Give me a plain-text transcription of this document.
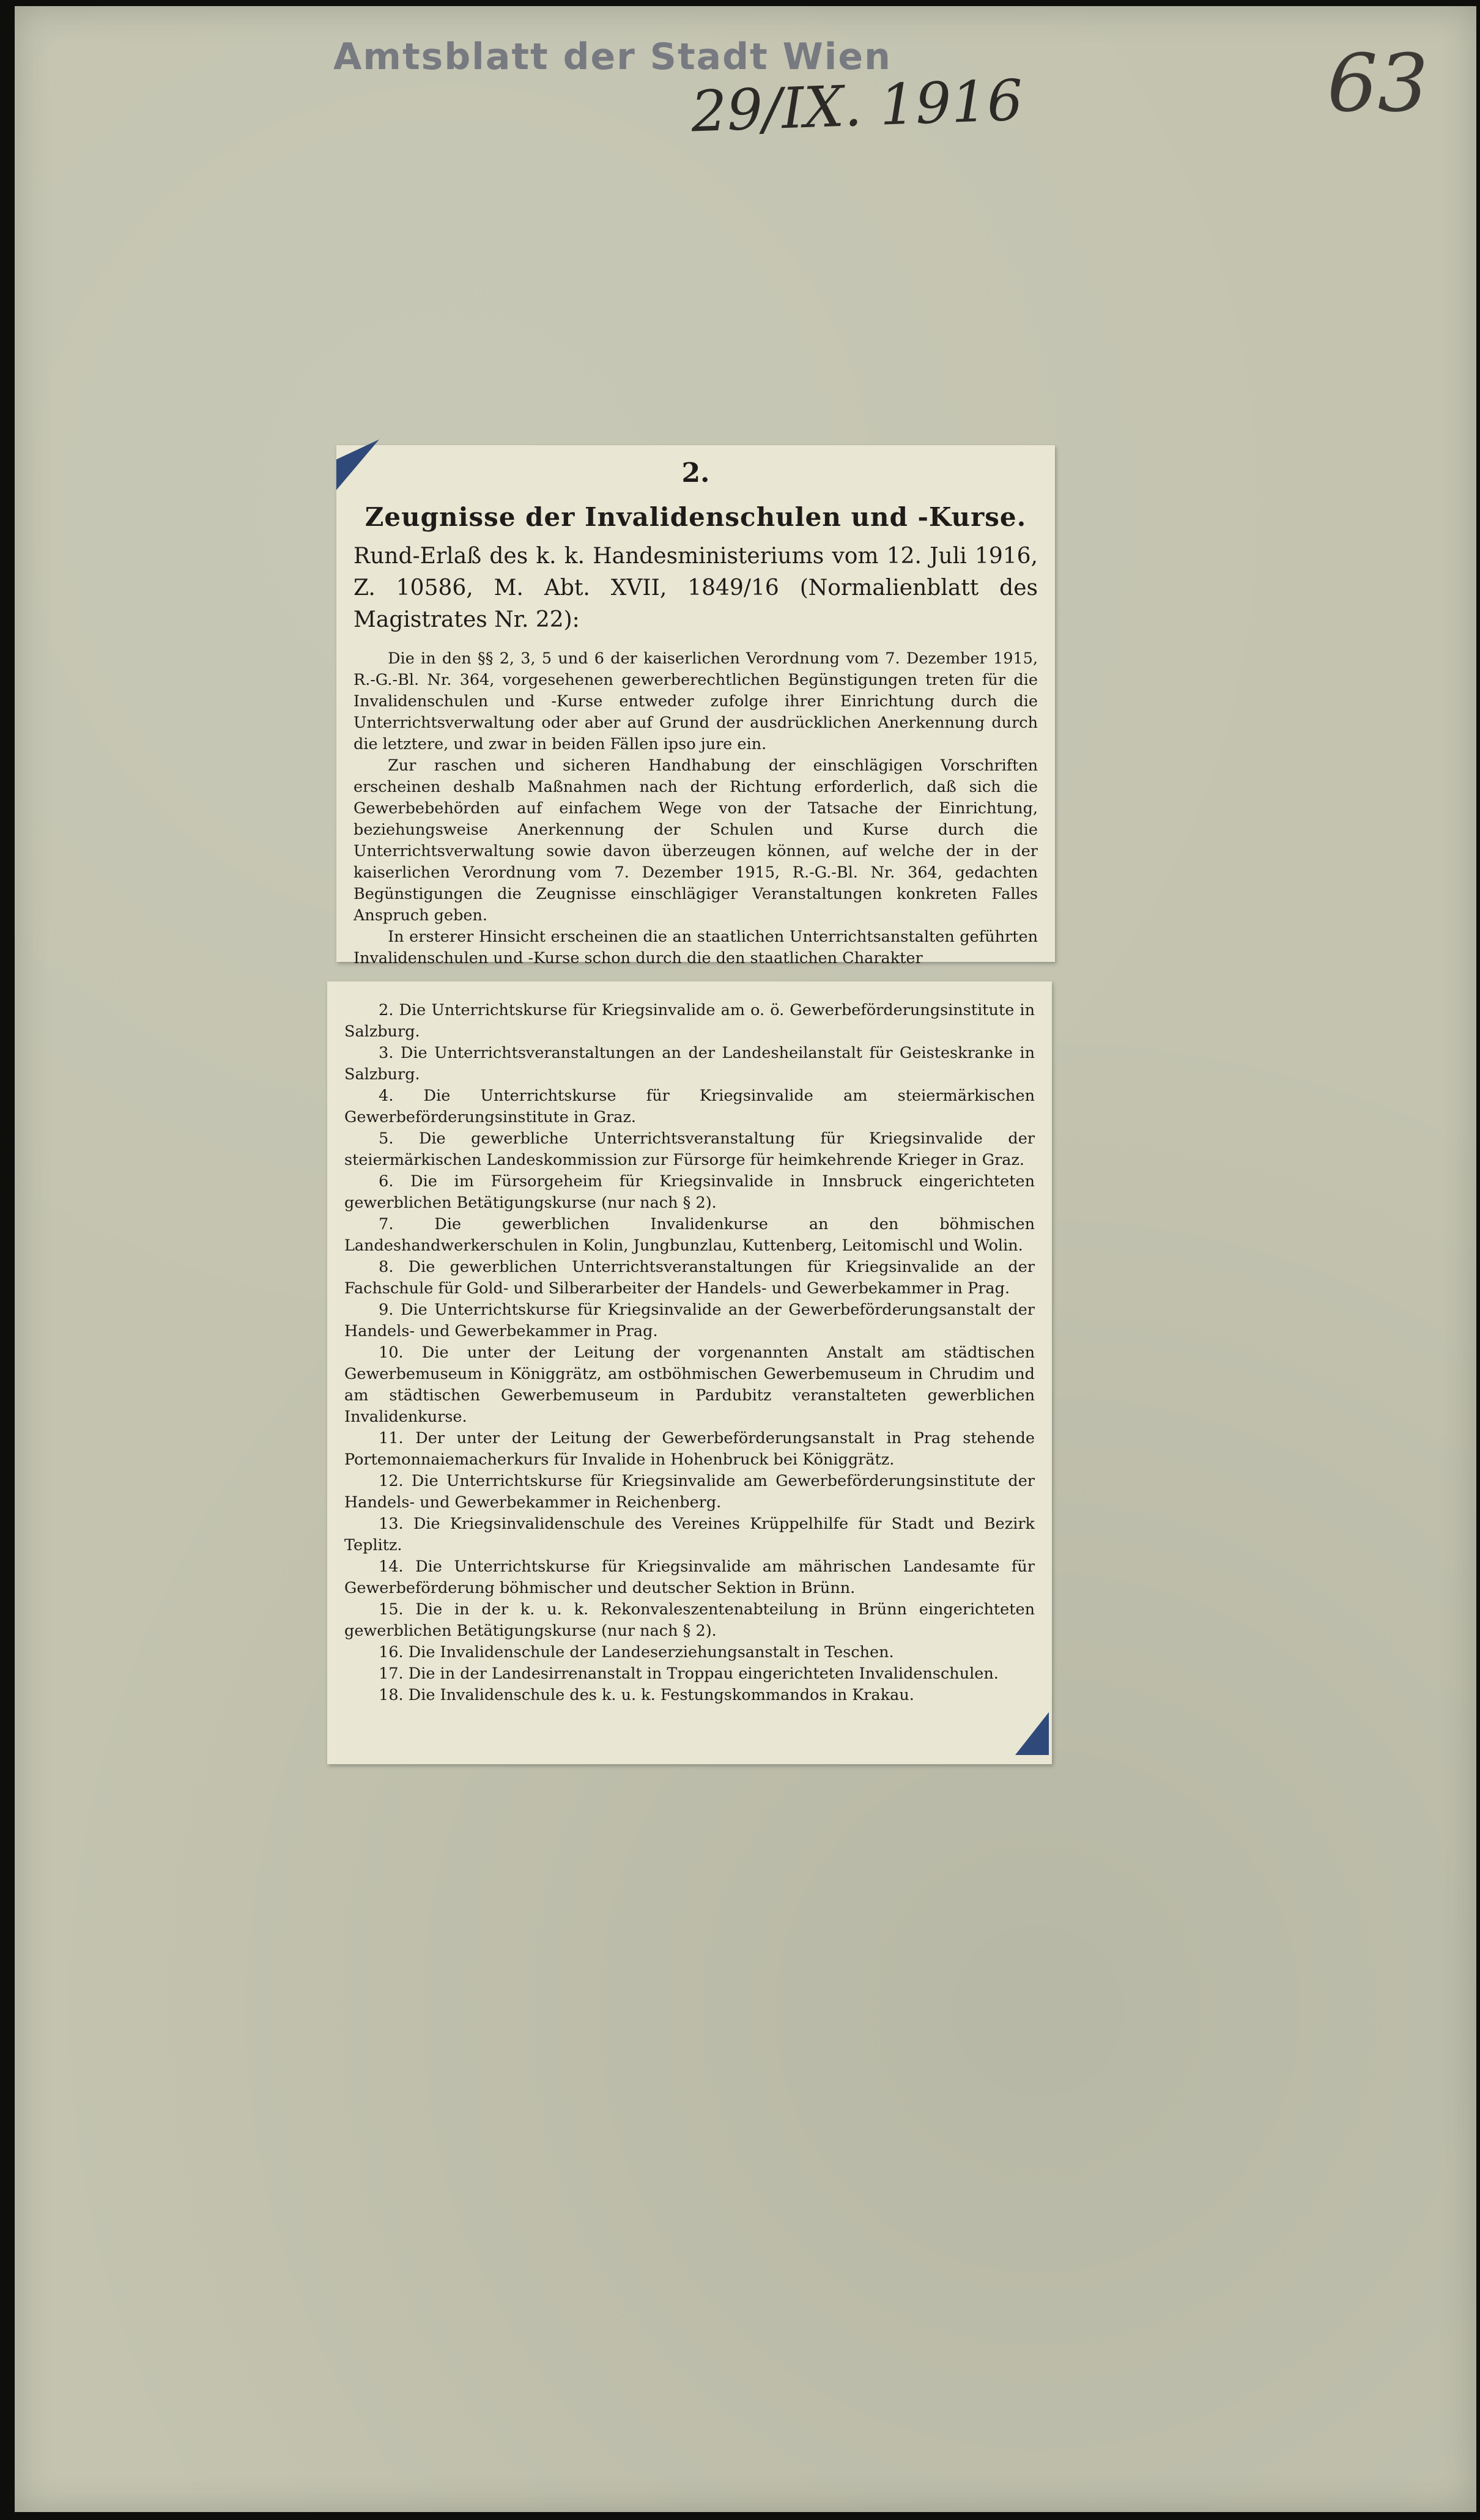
Amtsblatt der Stadt Wien
29/IX. 1916	63
2.
Zeugnisse der Invalidenschulen und -Kurse.

Rund-Erlaß des k. k. Handesministeriums vom 12. Juli 1916, Z. 10586, M. Abt. XVII, 1849/16 (Normalienblatt des Magistrates Nr. 22):

Die in den §§ 2, 3, 5 und 6 der kaiserlichen Verordnung vom 7. Dezember 1915, R.-G.-Bl. Nr. 364, vorgesehenen gewerberechtlichen Begünstigungen treten für die Invalidenschulen und -Kurse entweder zufolge ihrer Einrichtung durch die Unterrichtsverwaltung oder aber auf Grund der ausdrücklichen Anerkennung durch die letztere, und zwar in beiden Fällen ipso jure ein.

Zur raschen und sicheren Handhabung der einschlägigen Vorschriften erscheinen deshalb Maßnahmen nach der Richtung erforderlich, daß sich die Gewerbebehörden auf einfachem Wege von der Tatsache der Einrichtung, beziehungsweise Anerkennung der Schulen und Kurse durch die Unterrichtsverwaltung sowie davon überzeugen können, auf welche der in der kaiserlichen Verordnung vom 7. Dezember 1915, R.-G.-Bl. Nr. 364, gedachten Begünstigungen die Zeugnisse einschlägiger Veranstaltungen konkreten Falles Anspruch geben.

In ersterer Hinsicht erscheinen die an staatlichen Unterrichtsanstalten geführten Invalidenschulen und -Kurse schon durch die den staatlichen Charakter

2. Die Unterrichtskurse für Kriegsinvalide am o. ö. Gewerbeförderungsinstitute in Salzburg.

3. Die Unterrichtsveranstaltungen an der Landesheilanstalt für Geisteskranke in Salzburg.

4. Die Unterrichtskurse für Kriegsinvalide am steiermärkischen Gewerbeförderungsinstitute in Graz.

5. Die gewerbliche Unterrichtsveranstaltung für Kriegsinvalide der steiermärkischen Landeskommission zur Fürsorge für heimkehrende Krieger in Graz.

6. Die im Fürsorgeheim für Kriegsinvalide in Innsbruck eingerichteten gewerblichen Betätigungskurse (nur nach § 2).

7. Die gewerblichen Invalidenkurse an den böhmischen Landeshandwerkerschulen in Kolin, Jungbunzlau, Kuttenberg, Leitomischl und Wolin.

8. Die gewerblichen Unterrichtsveranstaltungen für Kriegsinvalide an der Fachschule für Gold- und Silberarbeiter der Handels- und Gewerbekammer in Prag.

9. Die Unterrichtskurse für Kriegsinvalide an der Gewerbeförderungsanstalt der Handels- und Gewerbekammer in Prag.

10. Die unter der Leitung der vorgenannten Anstalt am städtischen Gewerbemuseum in Königgrätz, am ostböhmischen Gewerbemuseum in Chrudim und am städtischen Gewerbemuseum in Pardubitz veranstalteten gewerblichen Invalidenkurse.

11. Der unter der Leitung der Gewerbeförderungsanstalt in Prag stehende Portemonnaiemacherkurs für Invalide in Hohenbruck bei Königgrätz.

12. Die Unterrichtskurse für Kriegsinvalide am Gewerbeförderungsinstitute der Handels- und Gewerbekammer in Reichenberg.

13. Die Kriegsinvalidenschule des Vereines Krüppelhilfe für Stadt und Bezirk Teplitz.

14. Die Unterrichtskurse für Kriegsinvalide am mährischen Landesamte für Gewerbeförderung böhmischer und deutscher Sektion in Brünn.

15. Die in der k. u. k. Rekonvaleszentenabteilung in Brünn eingerichteten gewerblichen Betätigungskurse (nur nach § 2).

16. Die Invalidenschule der Landeserziehungsanstalt in Teschen.

17. Die in der Landesirrenanstalt in Troppau eingerichteten Invalidenschulen.

18. Die Invalidenschule des k. u. k. Festungskommandos in Krakau.
